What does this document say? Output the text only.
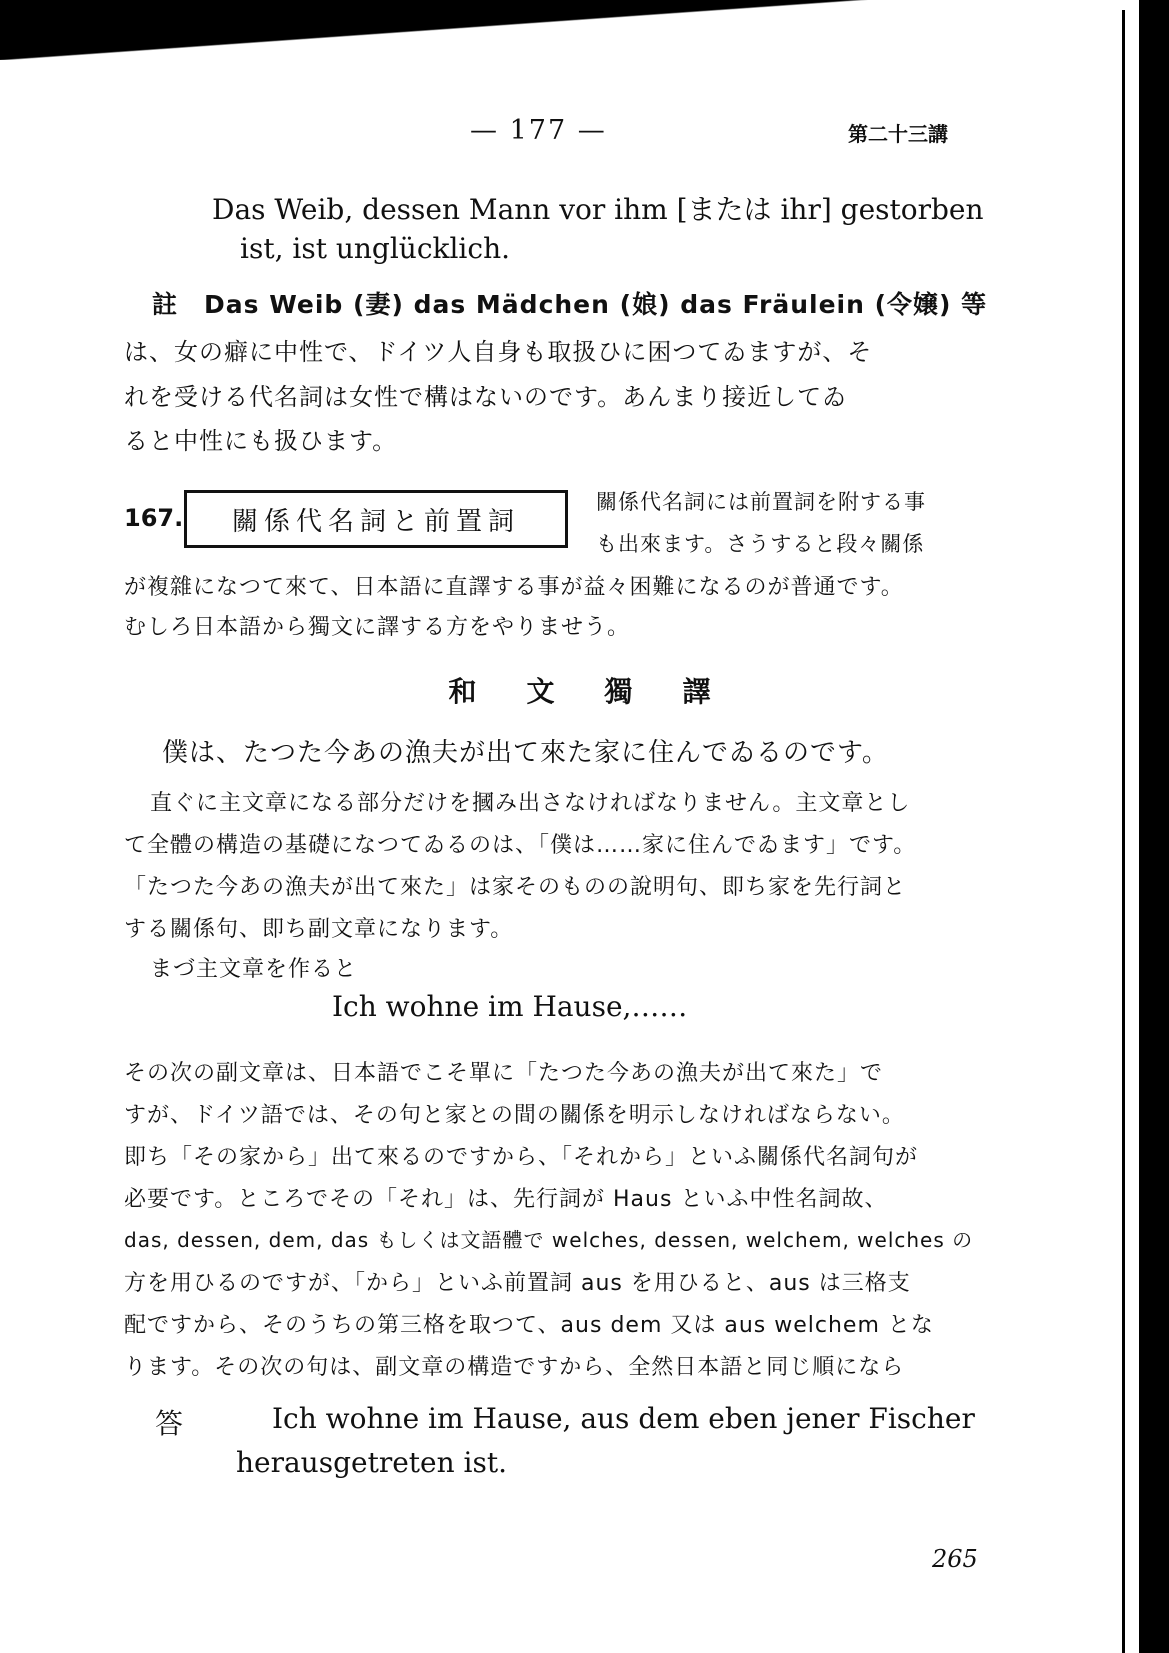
— 177 —	第二十三講
Das Weib, dessen Mann vor ihm [または ihr] gestorben
ist, ist unglücklich.
註　Das Weib (妻) das Mädchen (娘) das Fräulein (令嬢) 等
は、女の癖に中性で、ドイツ人自身も取扱ひに困つてゐますが、そ
れを受ける代名詞は女性で構はないのです。あんまり接近してゐ
ると中性にも扱ひます。
167. 關係代名詞と前置詞
關係代名詞には前置詞を附する事
も出來ます。さうすると段々關係
が複雜になつて來て、日本語に直譯する事が益々困難になるのが普通です。
むしろ日本語から獨文に譯する方をやりませう。
和文獨譯
僕は、たつた今あの漁夫が出て來た家に住んでゐるのです。
直ぐに主文章になる部分だけを摑み出さなければなりません。主文章とし
て全體の構造の基礎になつてゐるのは、「僕は……家に住んでゐます」です。
「たつた今あの漁夫が出て來た」は家そのものの說明句、即ち家を先行詞と
する關係句、即ち副文章になります。
まづ主文章を作ると
Ich wohne im Hause,……
その次の副文章は、日本語でこそ單に「たつた今あの漁夫が出て來た」で
すが、ドイツ語では、その句と家との間の關係を明示しなければならない。
即ち「その家から」出て來るのですから、「それから」といふ關係代名詞句が
必要です。ところでその「それ」は、先行詞が Haus といふ中性名詞故、
das, dessen, dem, das もしくは文語體で welches, dessen, welchem, welches の
方を用ひるのですが、「から」といふ前置詞 aus を用ひると、aus は三格支
配ですから、そのうちの第三格を取つて、aus dem 又は aus welchem とな
ります。その次の句は、副文章の構造ですから、全然日本語と同じ順になら
答	Ich wohne im Hause, aus dem eben jener Fischer
herausgetreten ist.
265
